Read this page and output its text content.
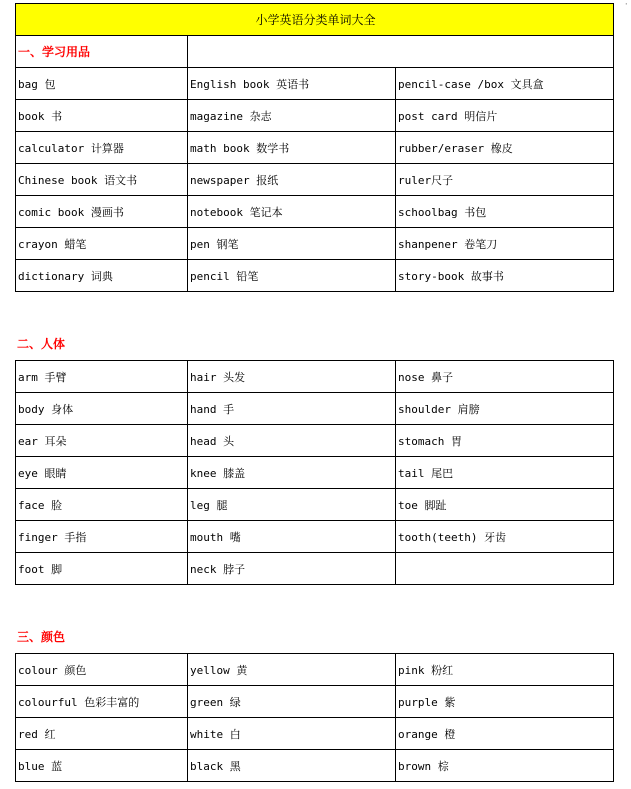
·
小学英语分类单词大全		
一、学习用品		
bag 包	English book 英语书	pencil-case /box 文具盒
book 书	magazine 杂志	post card 明信片
calculator 计算器	math book 数学书	rubber/eraser 橡皮
Chinese book 语文书	newspaper 报纸	ruler尺子
comic book 漫画书	notebook 笔记本	schoolbag 书包
crayon 蜡笔	pen 钢笔	shanpener 卷笔刀
dictionary 词典	pencil 铅笔	story-book 故事书
二、人体
arm 手臂	hair 头发	nose 鼻子
body 身体	hand 手	shoulder 肩膀
ear 耳朵	head 头	stomach 胃
eye 眼睛	knee 膝盖	tail 尾巴
face 脸	leg 腿	toe 脚趾
finger 手指	mouth 嘴	tooth(teeth) 牙齿
foot 脚	neck 脖子	
三、颜色
colour 颜色	yellow 黄	pink 粉红
colourful 色彩丰富的	green 绿	purple 紫
red 红	white 白	orange 橙
blue 蓝	black 黑	brown 棕
